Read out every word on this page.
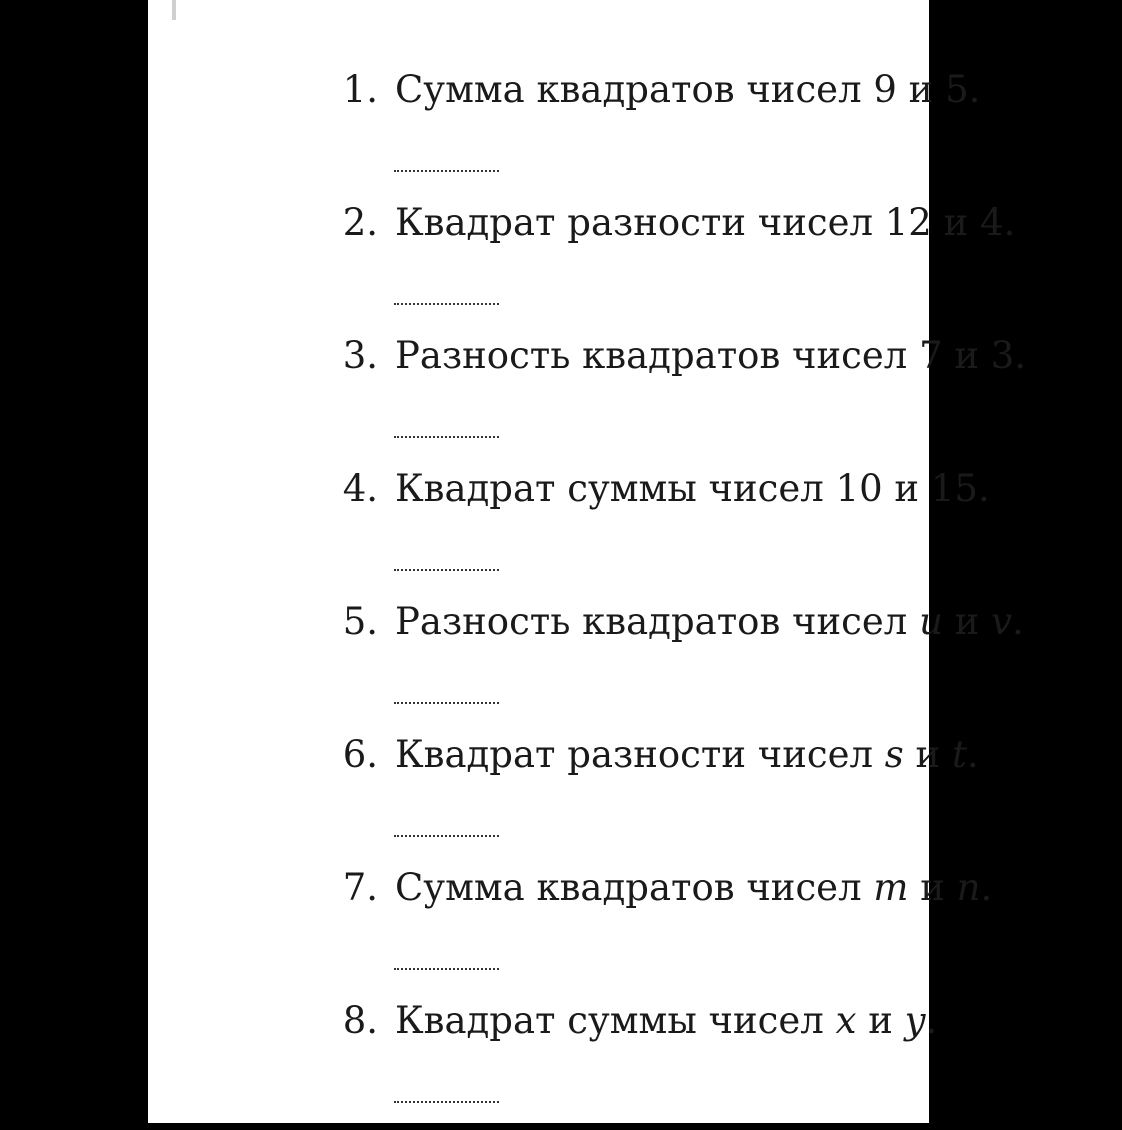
1. Сумма квадратов чисел 9 и 5.
2. Квадрат разности чисел 12 и 4.
3. Разность квадратов чисел 7 и 3.
4. Квадрат суммы чисел 10 и 15.
5. Разность квадратов чисел u и v.
6. Квадрат разности чисел s и t.
7. Сумма квадратов чисел m и n.
8. Квадрат суммы чисел x и y.
